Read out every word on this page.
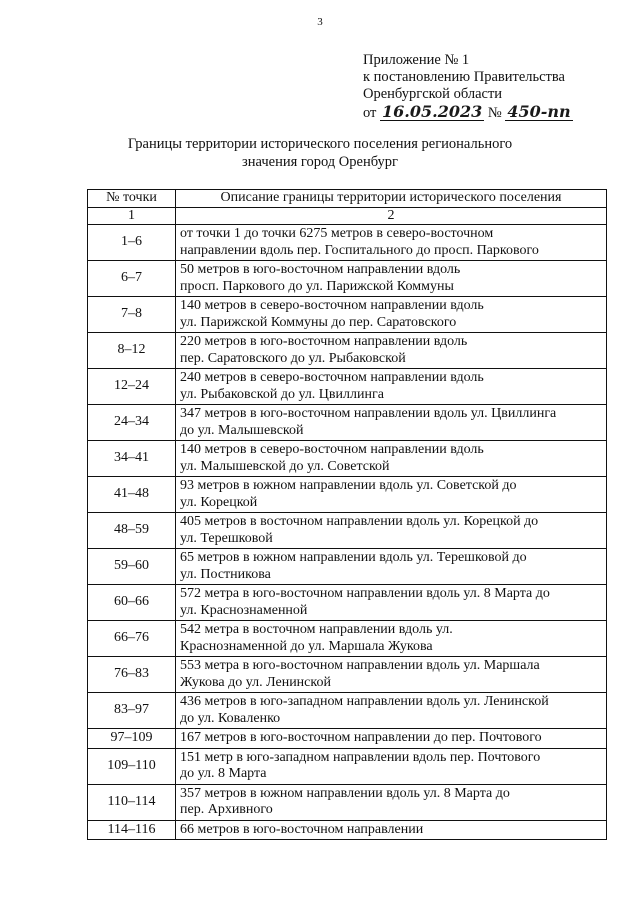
3
Приложение № 1
к постановлению Правительства
Оренбургской области
от 16.05.2023 № 450-пп
Границы территории исторического поселения регионального
значения город Оренбург
№ точки	Описание границы территории исторического поселения
1	2
1–6	от точки 1 до точки 6275 метров в северо-восточном
направлении вдоль пер. Госпитального до просп. Паркового

6–7	50 метров в юго-восточном направлении вдоль
просп. Паркового до ул. Парижской Коммуны

7–8	140 метров в северо-восточном направлении вдоль
ул. Парижской Коммуны до пер. Саратовского

8–12	220 метров в юго-восточном направлении вдоль
пер. Саратовского до ул. Рыбаковской

12–24	240 метров в северо-восточном направлении вдоль
ул. Рыбаковской до ул. Цвиллинга

24–34	347 метров в юго-восточном направлении вдоль ул. Цвиллинга
до ул. Малышевской

34–41	140 метров в северо-восточном направлении вдоль
ул. Малышевской до ул. Советской

41–48	93 метров в южном направлении вдоль ул. Советской до
ул. Корецкой

48–59	405 метров в восточном направлении вдоль ул. Корецкой до
ул. Терешковой

59–60	65 метров в южном направлении вдоль ул. Терешковой до
ул. Постникова

60–66	572 метра в юго-восточном направлении вдоль ул. 8 Марта до
ул. Краснознаменной

66–76	542 метра в восточном направлении вдоль ул.
Краснознаменной до ул. Маршала Жукова

76–83	553 метра в юго-восточном направлении вдоль ул. Маршала
Жукова до ул. Ленинской

83–97	436 метров в юго-западном направлении вдоль ул. Ленинской
до ул. Коваленко

97–109	167 метров в юго-восточном направлении до пер. Почтового

109–110	151 метр в юго-западном направлении вдоль пер. Почтового
до ул. 8 Марта

110–114	357 метров в южном направлении вдоль ул. 8 Марта до
пер. Архивного

114–116	66 метров в юго-восточном направлении
